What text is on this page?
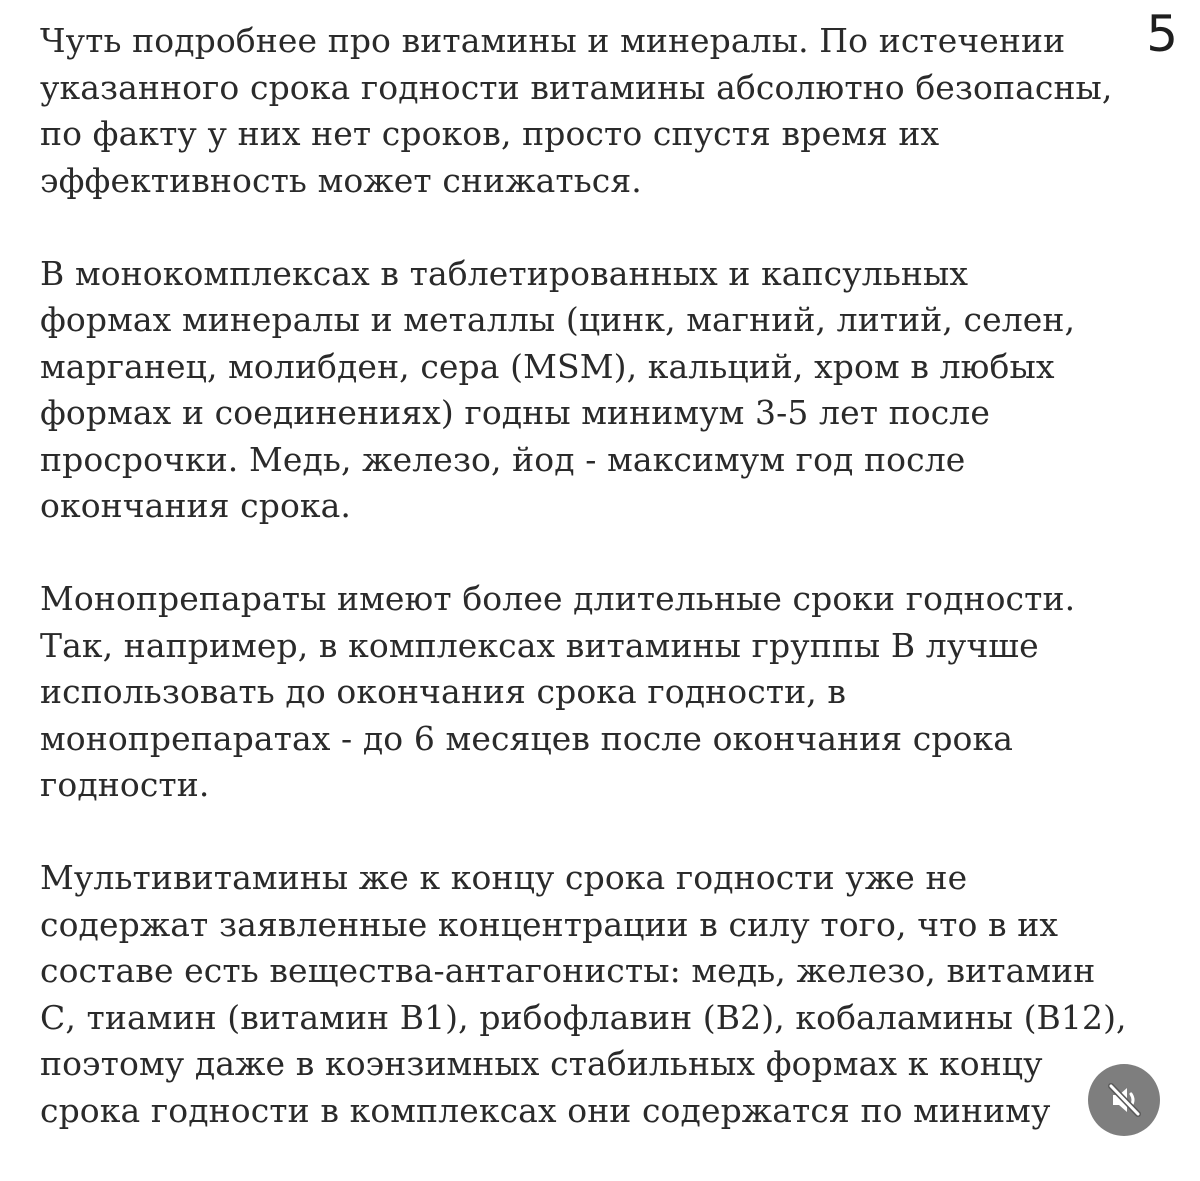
5

Чуть подробнее про витамины и минералы. По истечении
указанного срока годности витамины абсолютно безопасны,
по факту у них нет сроков, просто спустя время их
эффективность может снижаться.

В монокомплексах в таблетированных и капсульных
формах минералы и металлы (цинк, магний, литий, селен,
марганец, молибден, сера (MSM), кальций, хром в любых
формах и соединениях) годны минимум 3-5 лет после
просрочки. Медь, железо, йод - максимум год после
окончания срока.

Монопрепараты имеют более длительные сроки годности.
Так, например, в комплексах витамины группы В лучше
использовать до окончания срока годности, в
монопрепаратах - до 6 месяцев после окончания срока
годности.

Мультивитамины же к концу срока годности уже не
содержат заявленные концентрации в силу того, что в их
составе есть вещества-антагонисты: медь, железо, витамин
С, тиамин (витамин В1), рибофлавин (В2), кобаламины (В12),
поэтому даже в коэнзимных стабильных формах к концу
срока годности в комплексах они содержатся по миниму
